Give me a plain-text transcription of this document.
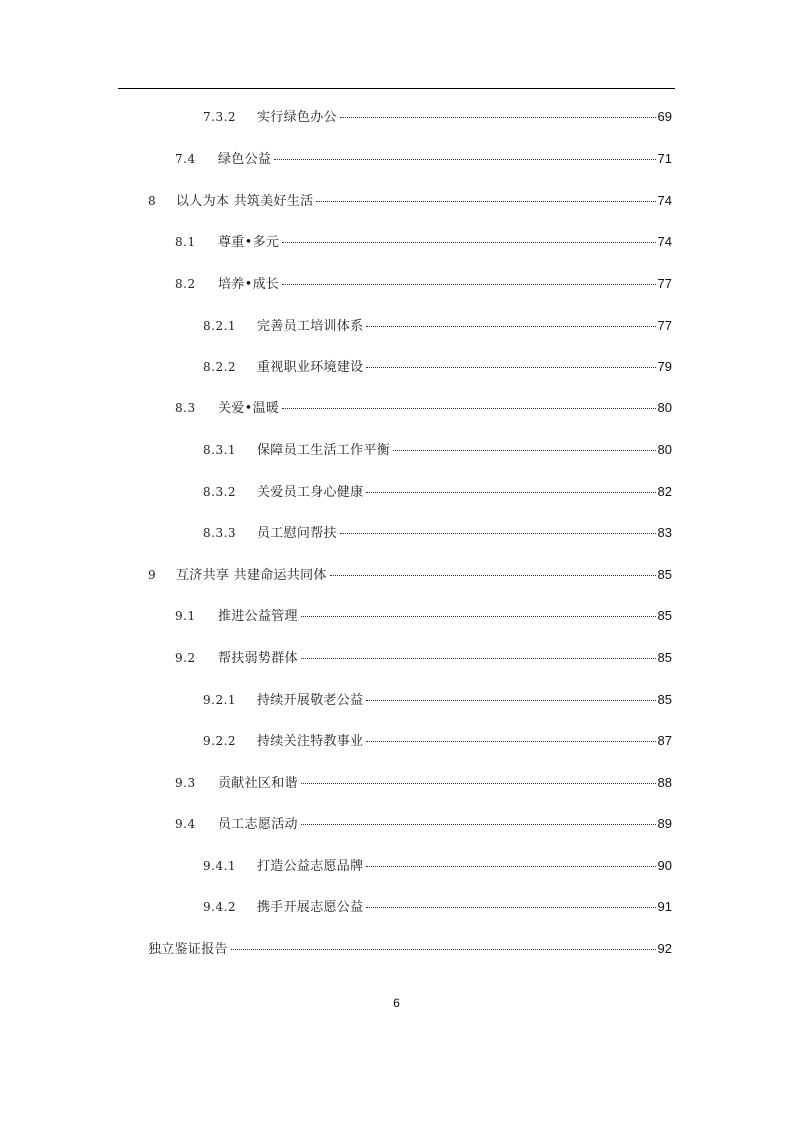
7.3.2	实行绿色办公	69
7.4	绿色公益	71
8	以人为本 共筑美好生活	74
8.1	尊重•多元	74
8.2	培养•成长	77
8.2.1	完善员工培训体系	77
8.2.2	重视职业环境建设	79
8.3	关爱•温暖	80
8.3.1	保障员工生活工作平衡	80
8.3.2	关爱员工身心健康	82
8.3.3	员工慰问帮扶	83
9	互济共享 共建命运共同体	85
9.1	推进公益管理	85
9.2	帮扶弱势群体	85
9.2.1	持续开展敬老公益	85
9.2.2	持续关注特教事业	87
9.3	贡献社区和谐	88
9.4	员工志愿活动	89
9.4.1	打造公益志愿品牌	90
9.4.2	携手开展志愿公益	91
独立鉴证报告	92
6
